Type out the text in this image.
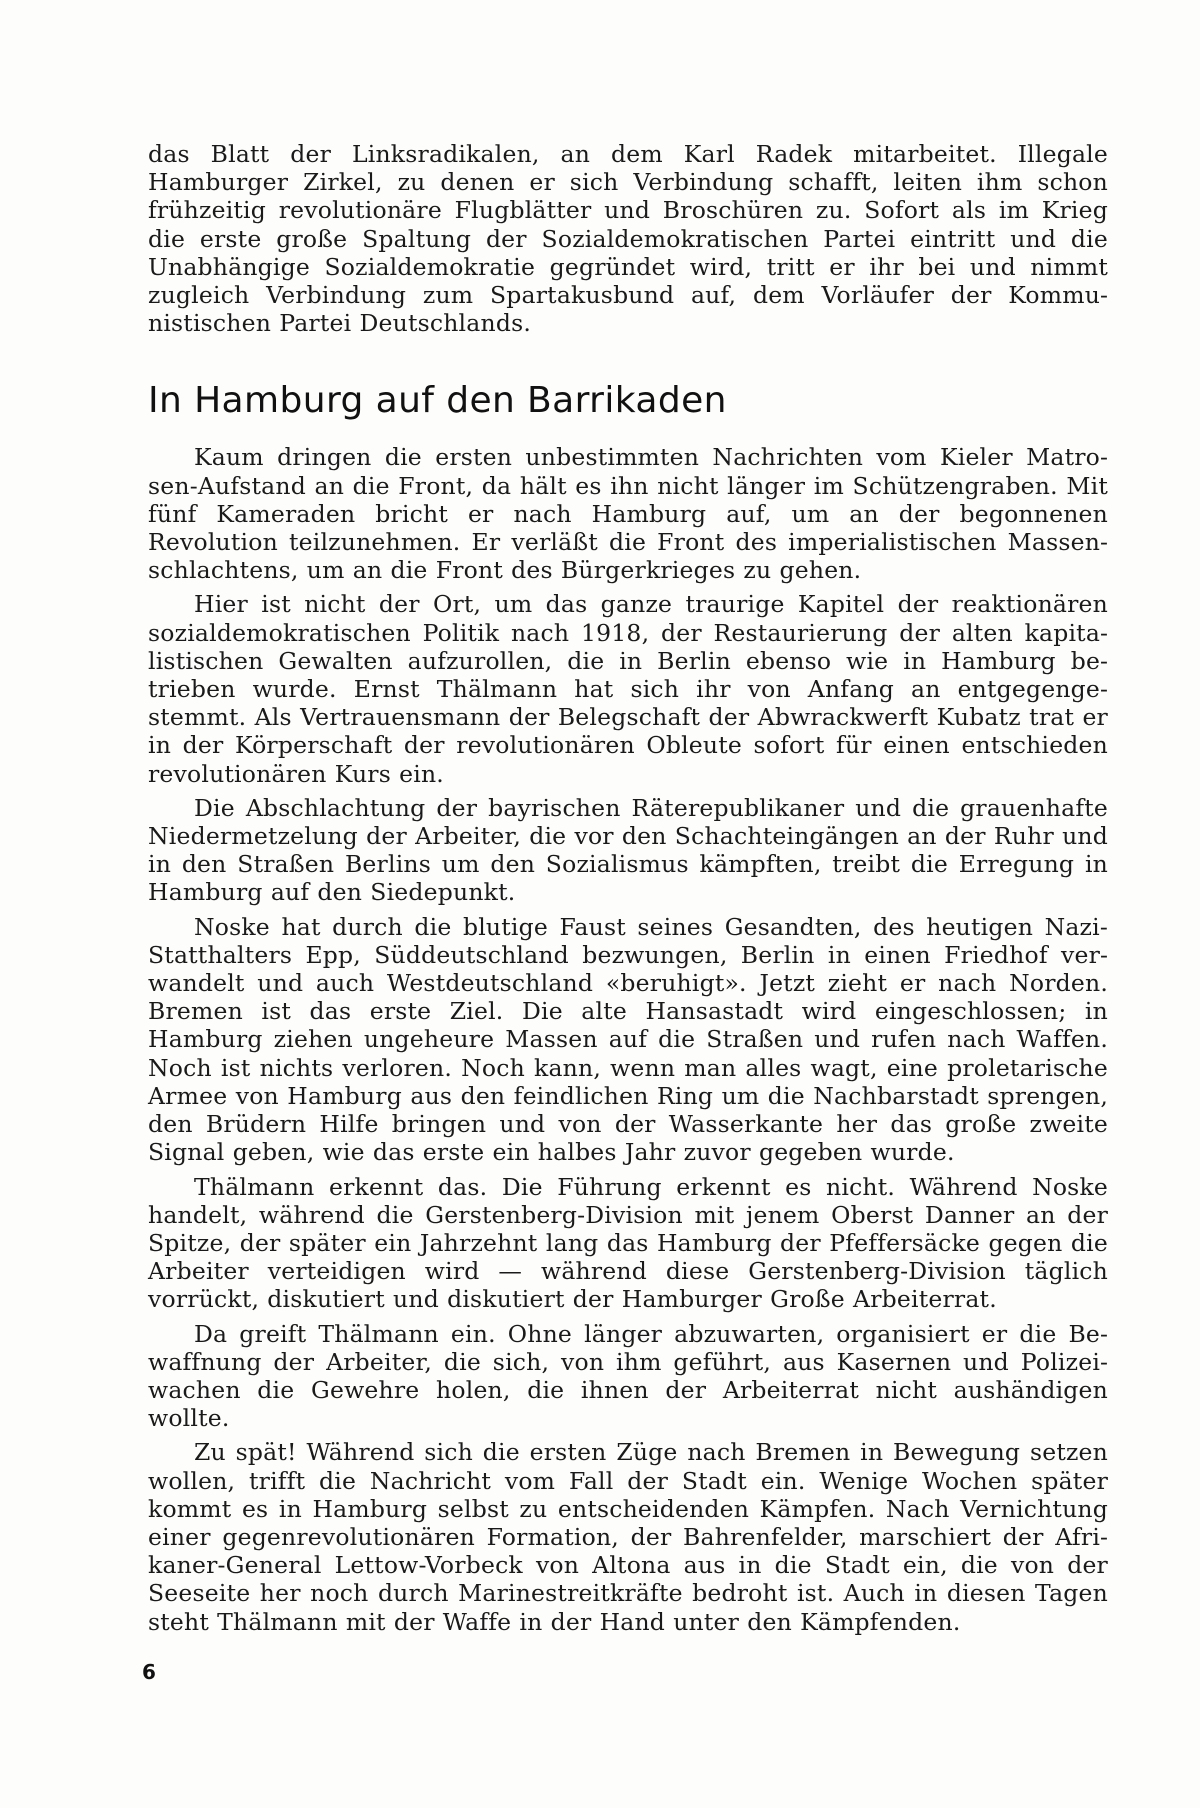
das Blatt der Linksradikalen, an dem Karl Radek mitarbeitet. Illegale Hamburger Zirkel, zu denen er sich Verbindung schafft, leiten ihm schon frühzeitig revolutionäre Flugblätter und Broschüren zu. Sofort als im Krieg die erste große Spaltung der Sozialdemokratischen Partei eintritt und die Unabhängige Sozialdemokratie gegründet wird, tritt er ihr bei und nimmt zugleich Verbindung zum Spartakusbund auf, dem Vorläufer der Kommunistischen Partei Deutschlands.

In Hamburg auf den Barrikaden

Kaum dringen die ersten unbestimmten Nachrichten vom Kieler Matrosen-Aufstand an die Front, da hält es ihn nicht länger im Schützengraben. Mit fünf Kameraden bricht er nach Hamburg auf, um an der begonnenen Revolution teilzunehmen. Er verläßt die Front des imperialistischen Massenschlachtens, um an die Front des Bürgerkrieges zu gehen.

Hier ist nicht der Ort, um das ganze traurige Kapitel der reaktionären sozialdemokratischen Politik nach 1918, der Restaurierung der alten kapitalistischen Gewalten aufzurollen, die in Berlin ebenso wie in Hamburg betrieben wurde. Ernst Thälmann hat sich ihr von Anfang an entgegengestemmt. Als Vertrauensmann der Belegschaft der Abwrackwerft Kubatz trat er in der Körperschaft der revolutionären Obleute sofort für einen entschieden revolutionären Kurs ein.

Die Abschlachtung der bayrischen Räterepublikaner und die grauenhafte Niedermetzelung der Arbeiter, die vor den Schachteingängen an der Ruhr und in den Straßen Berlins um den Sozialismus kämpften, treibt die Erregung in Hamburg auf den Siedepunkt.

Noske hat durch die blutige Faust seines Gesandten, des heutigen Nazi-Statthalters Epp, Süddeutschland bezwungen, Berlin in einen Friedhof verwandelt und auch Westdeutschland «beruhigt». Jetzt zieht er nach Norden. Bremen ist das erste Ziel. Die alte Hansastadt wird eingeschlossen; in Hamburg ziehen ungeheure Massen auf die Straßen und rufen nach Waffen. Noch ist nichts verloren. Noch kann, wenn man alles wagt, eine proletarische Armee von Hamburg aus den feindlichen Ring um die Nachbarstadt sprengen, den Brüdern Hilfe bringen und von der Wasserkante her das große zweite Signal geben, wie das erste ein halbes Jahr zuvor gegeben wurde.

Thälmann erkennt das. Die Führung erkennt es nicht. Während Noske handelt, während die Gerstenberg-Division mit jenem Oberst Danner an der Spitze, der später ein Jahrzehnt lang das Hamburg der Pfeffersäcke gegen die Arbeiter verteidigen wird — während diese Gerstenberg-Division täglich vorrückt, diskutiert und diskutiert der Hamburger Große Arbeiterrat.

Da greift Thälmann ein. Ohne länger abzuwarten, organisiert er die Bewaffnung der Arbeiter, die sich, von ihm geführt, aus Kasernen und Polizeiwachen die Gewehre holen, die ihnen der Arbeiterrat nicht aushändigen wollte.

Zu spät! Während sich die ersten Züge nach Bremen in Bewegung setzen wollen, trifft die Nachricht vom Fall der Stadt ein. Wenige Wochen später kommt es in Hamburg selbst zu entscheidenden Kämpfen. Nach Vernichtung einer gegenrevolutionären Formation, der Bahrenfelder, marschiert der Afrikaner-General Lettow-Vorbeck von Altona aus in die Stadt ein, die von der Seeseite her noch durch Marinestreitkräfte bedroht ist. Auch in diesen Tagen steht Thälmann mit der Waffe in der Hand unter den Kämpfenden.

6
